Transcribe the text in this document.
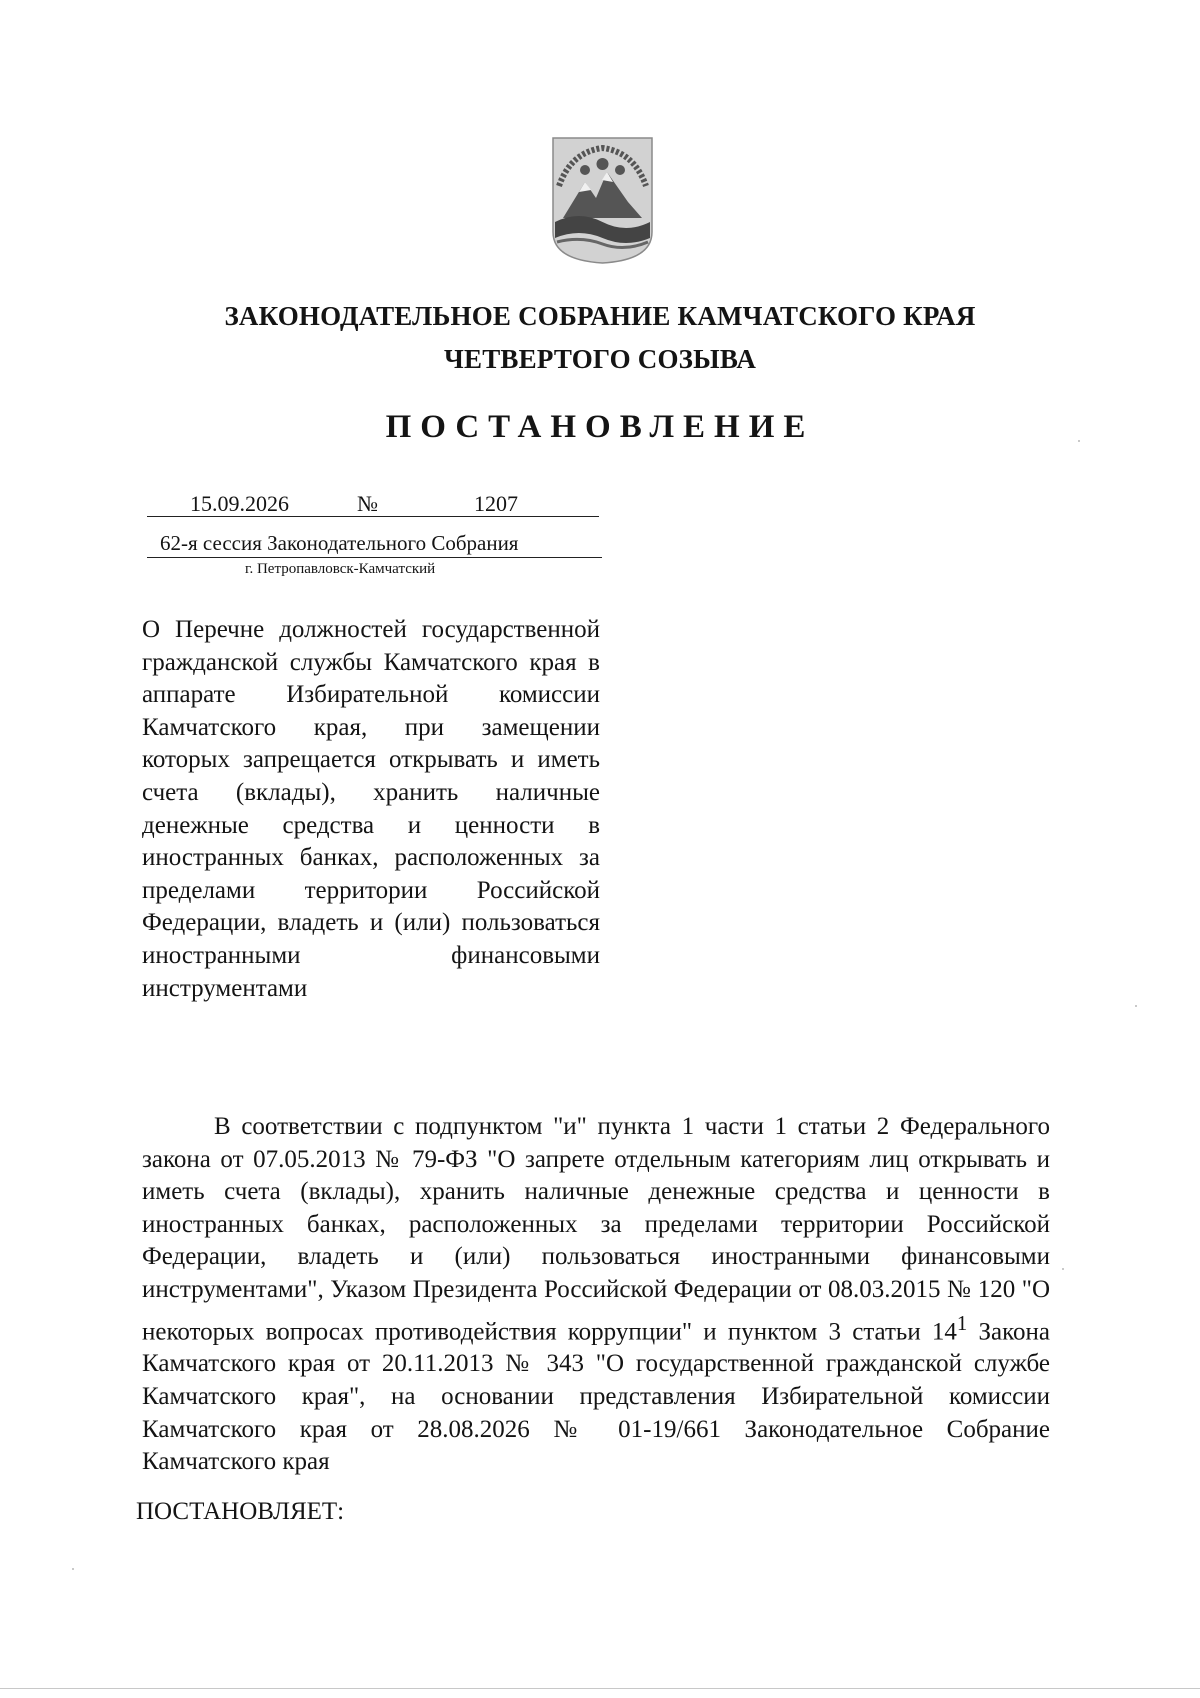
ЗАКОНОДАТЕЛЬНОЕ СОБРАНИЕ КАМЧАТСКОГО КРАЯ
ЧЕТВЕРТОГО СОЗЫВА
ПОСТАНОВЛЕНИЕ
15.09.2026	№	1207
62-я сессия Законодательного Собрания
г. Петропавловск-Камчатский
О Перечне должностей государственной гражданской службы Камчатского края в аппарате Избирательной комиссии Камчатского края, при замещении которых запрещается открывать и иметь счета (вклады), хранить наличные денежные средства и ценности в иностранных банках, расположенных за пределами территории Российской Федерации, владеть и (или) пользоваться иностранными финансовыми инструментами
В соответствии с подпунктом "и" пункта 1 части 1 статьи 2 Федерального закона от 07.05.2013 № 79-ФЗ "О запрете отдельным категориям лиц открывать и иметь счета (вклады), хранить наличные денежные средства и ценности в иностранных банках, расположенных за пределами территории Российской Федерации, владеть и (или) пользоваться иностранными финансовыми инструментами", Указом Президента Российской Федерации от 08.03.2015 № 120 "О некоторых вопросах противодействия коррупции" и пунктом 3 статьи $14^1$ Закона Камчатского края от 20.11.2013 № 343 "О государственной гражданской службе Камчатского края", на основании представления Избирательной комиссии Камчатского края от 28.08.2026 № 01-19/661 Законодательное Собрание Камчатского края
ПОСТАНОВЛЯЕТ:
